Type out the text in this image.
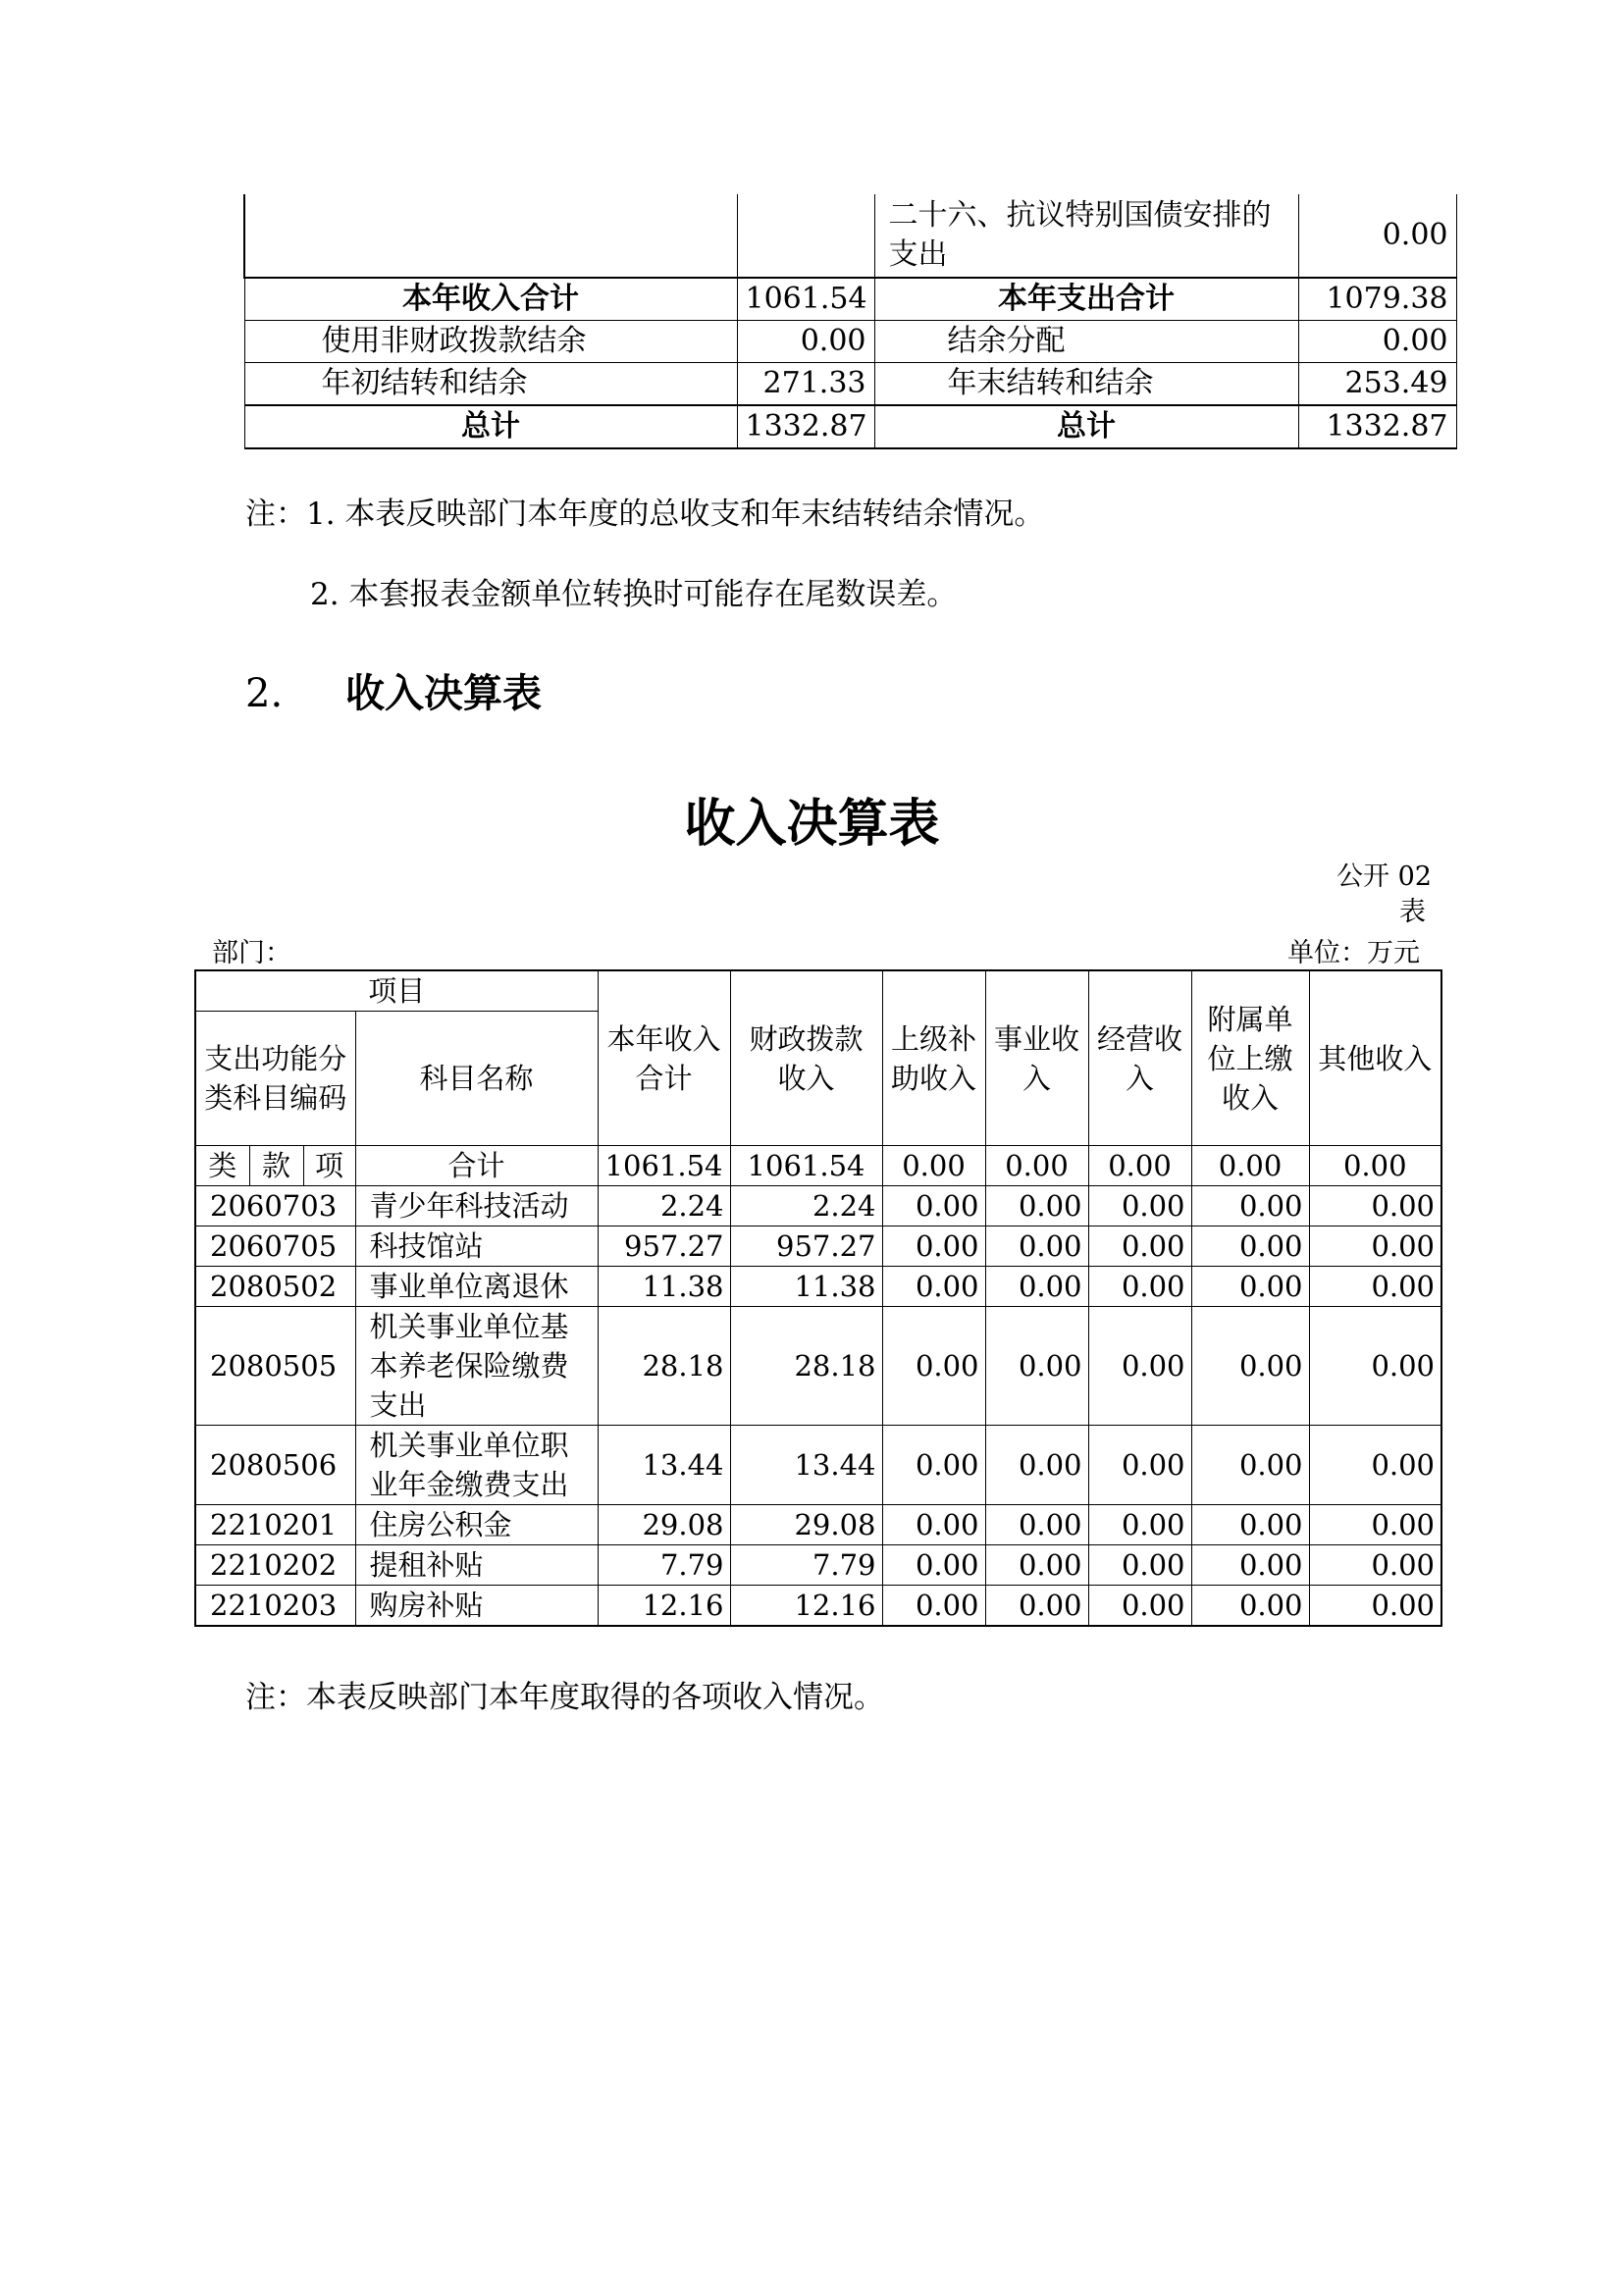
		二十六、抗议特别国债安排的支出	0.00
本年收入合计	1061.54	本年支出合计	1079.38
使用非财政拨款结余	0.00	结余分配	0.00
年初结转和结余	271.33	年末结转和结余	253.49
总计	1332.87	总计	1332.87
注：1. 本表反映部门本年度的总收支和年末结转结余情况。
2. 本套报表金额单位转换时可能存在尾数误差。
2. 收入决算表
收入决算表
公开 02
表
部门：	单位：万元
项目				本年收入合计	财政拨款收入	上级补助收入	事业收入	经营收入	附属单位上缴收入	其他收入
支出功能分类科目编码			科目名称							
类	款	项	合计	1061.54	1061.54	0.00	0.00	0.00	0.00	0.00
2060703			青少年科技活动	2.24	2.24	0.00	0.00	0.00	0.00	0.00
2060705			科技馆站	957.27	957.27	0.00	0.00	0.00	0.00	0.00
2080502			事业单位离退休	11.38	11.38	0.00	0.00	0.00	0.00	0.00
2080505			机关事业单位基本养老保险缴费支出	28.18	28.18	0.00	0.00	0.00	0.00	0.00
2080506			机关事业单位职业年金缴费支出	13.44	13.44	0.00	0.00	0.00	0.00	0.00
2210201			住房公积金	29.08	29.08	0.00	0.00	0.00	0.00	0.00
2210202			提租补贴	7.79	7.79	0.00	0.00	0.00	0.00	0.00
2210203			购房补贴	12.16	12.16	0.00	0.00	0.00	0.00	0.00
注：本表反映部门本年度取得的各项收入情况。
